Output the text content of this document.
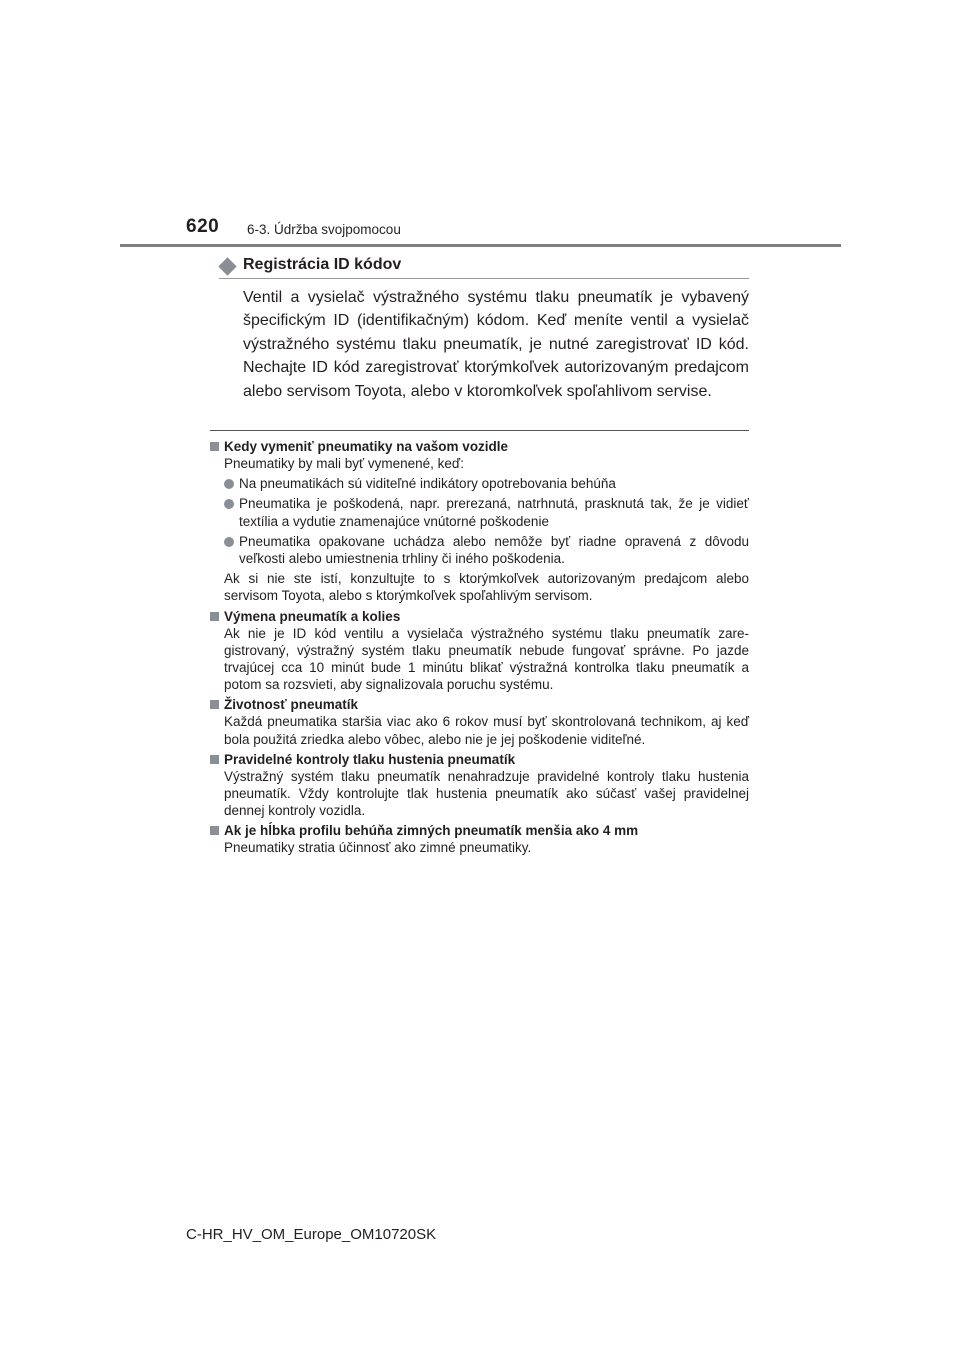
620 6-3. Údržba svojpomocou
Registrácia ID kódov
Ventil a vysielač výstražného systému tlaku pneumatík je vybavený špecifickým ID (identifikačným) kódom. Keď meníte ventil a vysielač výstražného systému tlaku pneumatík, je nutné zaregistrovať ID kód. Nechajte ID kód zaregistrovať ktorýmkoľvek autorizovaným predajcom alebo servisom Toyota, alebo v ktoromkoľvek spoľahlivom servise.
Kedy vymeniť pneumatiky na vašom vozidle
Pneumatiky by mali byť vymenené, keď:
Na pneumatikách sú viditeľné indikátory opotrebovania behúňa
Pneumatika je poškodená, napr. prerezaná, natrhnutá, prasknutá tak, že je vidieť textília a vydutie znamenajúce vnútorné poškodenie
Pneumatika opakovane uchádza alebo nemôže byť riadne opravená z dôvodu veľkosti alebo umiestnenia trhliny či iného poškodenia.
Ak si nie ste istí, konzultujte to s ktorýmkoľvek autorizovaným predajcom alebo servisom Toyota, alebo s ktorýmkoľvek spoľahlivým servisom.
Výmena pneumatík a kolies
Ak nie je ID kód ventilu a vysielača výstražného systému tlaku pneumatík zare-gistrovaný, výstražný systém tlaku pneumatík nebude fungovať správne. Po jazde trvajúcej cca 10 minút bude 1 minútu blikať výstražná kontrolka tlaku pneumatík a potom sa rozsvieti, aby signalizovala poruchu systému.
Životnosť pneumatík
Každá pneumatika staršia viac ako 6 rokov musí byť skontrolovaná technikom, aj keď bola použitá zriedka alebo vôbec, alebo nie je jej poškodenie viditeľné.
Pravidelné kontroly tlaku hustenia pneumatík
Výstražný systém tlaku pneumatík nenahradzuje pravidelné kontroly tlaku hustenia pneumatík. Vždy kontrolujte tlak hustenia pneumatík ako súčasť vašej pravidelnej dennej kontroly vozidla.
Ak je hĺbka profilu behúňa zimných pneumatík menšia ako 4 mm
Pneumatiky stratia účinnosť ako zimné pneumatiky.
C-HR_HV_OM_Europe_OM10720SK
